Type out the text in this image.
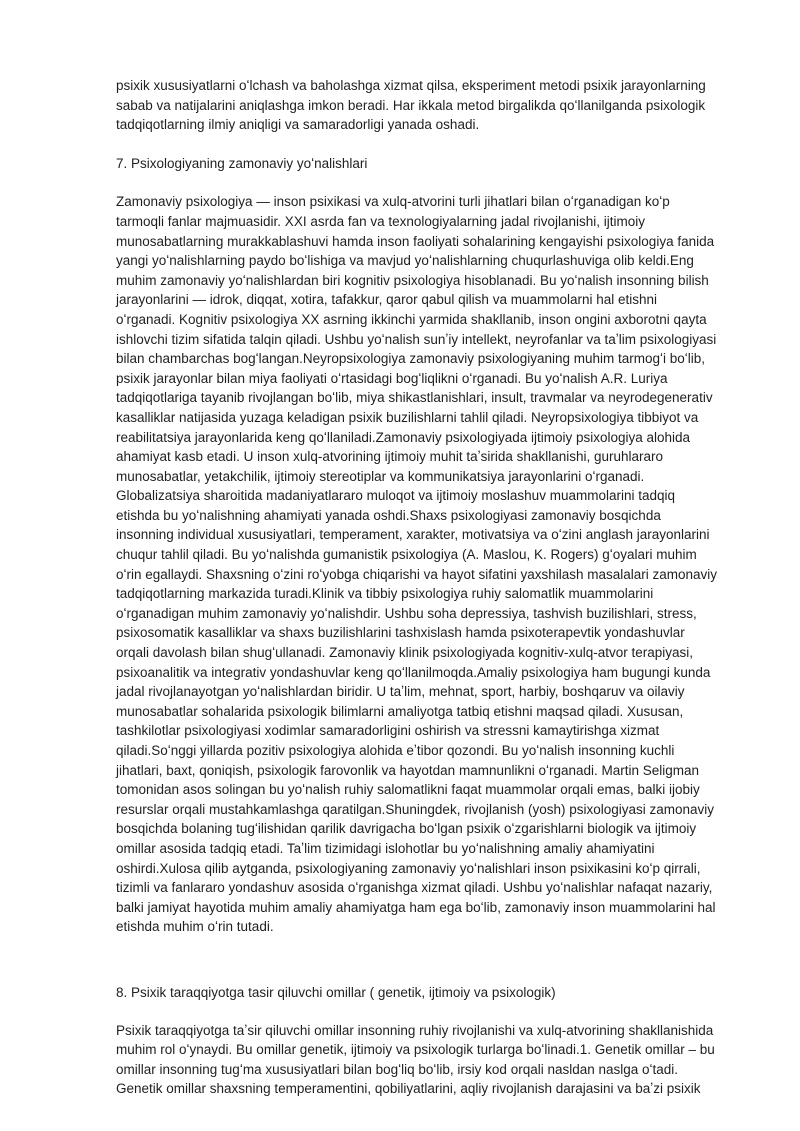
psixik xususiyatlarni oʻlchash va baholashga xizmat qilsa, eksperiment metodi psixik jarayonlarning sabab va natijalarini aniqlashga imkon beradi. Har ikkala metod birgalikda qoʻllanilganda psixologik tadqiqotlarning ilmiy aniqligi va samaradorligi yanada oshadi.

7. Psixologiyaning zamonaviy yoʻnalishlari

Zamonaviy psixologiya — inson psixikasi va xulq-atvorini turli jihatlari bilan oʻrganadigan koʻp tarmoqli fanlar majmuasidir. XXI asrda fan va texnologiyalarning jadal rivojlanishi, ijtimoiy munosabatlarning murakkablashuvi hamda inson faoliyati sohalarining kengayishi psixologiya fanida yangi yoʻnalishlarning paydo boʻlishiga va mavjud yoʻnalishlarning chuqurlashuviga olib keldi.Eng muhim zamonaviy yoʻnalishlardan biri kognitiv psixologiya hisoblanadi. Bu yoʻnalish insonning bilish jarayonlarini — idrok, diqqat, xotira, tafakkur, qaror qabul qilish va muammolarni hal etishni oʻrganadi. Kognitiv psixologiya XX asrning ikkinchi yarmida shakllanib, inson ongini axborotni qayta ishlovchi tizim sifatida talqin qiladi. Ushbu yoʻnalish sunʼiy intellekt, neyrofanlar va taʼlim psixologiyasi bilan chambarchas bogʻlangan.Neyropsixologiya zamonaviy psixologiyaning muhim tarmogʻi boʻlib, psixik jarayonlar bilan miya faoliyati oʻrtasidagi bogʻliqlikni oʻrganadi. Bu yoʻnalish A.R. Luriya tadqiqotlariga tayanib rivojlangan boʻlib, miya shikastlanishlari, insult, travmalar va neyrodegenerativ kasalliklar natijasida yuzaga keladigan psixik buzilishlarni tahlil qiladi. Neyropsixologiya tibbiyot va reabilitatsiya jarayonlarida keng qoʻllaniladi.Zamonaviy psixologiyada ijtimoiy psixologiya alohida ahamiyat kasb etadi. U inson xulq-atvorining ijtimoiy muhit taʼsirida shakllanishi, guruhlararo munosabatlar, yetakchilik, ijtimoiy stereotiplar va kommunikatsiya jarayonlarini oʻrganadi. Globalizatsiya sharoitida madaniyatlararo muloqot va ijtimoiy moslashuv muammolarini tadqiq etishda bu yoʻnalishning ahamiyati yanada oshdi.Shaxs psixologiyasi zamonaviy bosqichda insonning individual xususiyatlari, temperament, xarakter, motivatsiya va oʻzini anglash jarayonlarini chuqur tahlil qiladi. Bu yoʻnalishda gumanistik psixologiya (A. Maslou, K. Rogers) gʻoyalari muhim oʻrin egallaydi. Shaxsning oʻzini roʻyobga chiqarishi va hayot sifatini yaxshilash masalalari zamonaviy tadqiqotlarning markazida turadi.Klinik va tibbiy psixologiya ruhiy salomatlik muammolarini oʻrganadigan muhim zamonaviy yoʻnalishdir. Ushbu soha depressiya, tashvish buzilishlari, stress, psixosomatik kasalliklar va shaxs buzilishlarini tashxislash hamda psixoterapevtik yondashuvlar orqali davolash bilan shugʻullanadi. Zamonaviy klinik psixologiyada kognitiv-xulq-atvor terapiyasi, psixoanalitik va integrativ yondashuvlar keng qoʻllanilmoqda.Amaliy psixologiya ham bugungi kunda jadal rivojlanayotgan yoʻnalishlardan biridir. U taʼlim, mehnat, sport, harbiy, boshqaruv va oilaviy munosabatlar sohalarida psixologik bilimlarni amaliyotga tatbiq etishni maqsad qiladi. Xususan, tashkilotlar psixologiyasi xodimlar samaradorligini oshirish va stressni kamaytirishga xizmat qiladi.Soʻnggi yillarda pozitiv psixologiya alohida eʼtibor qozondi. Bu yoʻnalish insonning kuchli jihatlari, baxt, qoniqish, psixologik farovonlik va hayotdan mamnunlikni oʻrganadi. Martin Seligman tomonidan asos solingan bu yoʻnalish ruhiy salomatlikni faqat muammolar orqali emas, balki ijobiy resurslar orqali mustahkamlashga qaratilgan.Shuningdek, rivojlanish (yosh) psixologiyasi zamonaviy bosqichda bolaning tugʻilishidan qarilik davrigacha boʻlgan psixik oʻzgarishlarni biologik va ijtimoiy omillar asosida tadqiq etadi. Taʼlim tizimidagi islohotlar bu yoʻnalishning amaliy ahamiyatini oshirdi.Xulosa qilib aytganda, psixologiyaning zamonaviy yoʻnalishlari inson psixikasini koʻp qirrali, tizimli va fanlararo yondashuv asosida oʻrganishga xizmat qiladi. Ushbu yoʻnalishlar nafaqat nazariy, balki jamiyat hayotida muhim amaliy ahamiyatga ham ega boʻlib, zamonaviy inson muammolarini hal etishda muhim oʻrin tutadi.

8. Psixik taraqqiyotga tasir qiluvchi omillar ( genetik, ijtimoiy va psixologik)

Psixik taraqqiyotga taʼsir qiluvchi omillar insonning ruhiy rivojlanishi va xulq-atvorining shakllanishida muhim rol oʻynaydi. Bu omillar genetik, ijtimoiy va psixologik turlarga boʻlinadi.1. Genetik omillar – bu omillar insonning tugʻma xususiyatlari bilan bogʻliq boʻlib, irsiy kod orqali nasldan naslga oʻtadi. Genetik omillar shaxsning temperamentini, qobiliyatlarini, aqliy rivojlanish darajasini va baʼzi psixik
